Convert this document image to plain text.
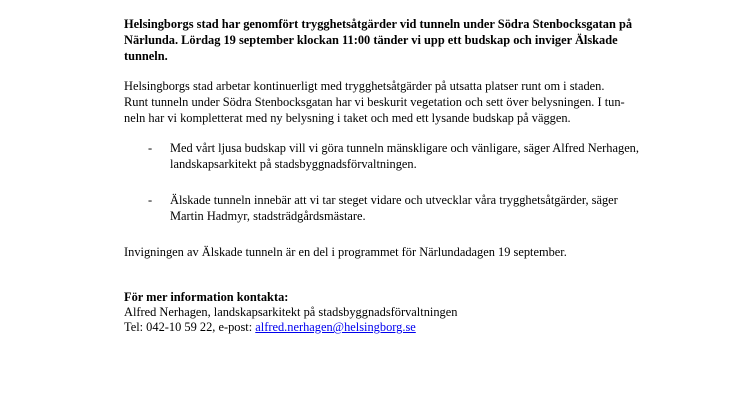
Helsingborgs stad har genomfört trygghetsåtgärder vid tunneln under Södra Stenbocksgatan på Närlunda. Lördag 19 september klockan 11:00 tänder vi upp ett budskap och inviger Älskade tunneln.

Helsingborgs stad arbetar kontinuerligt med trygghetsåtgärder på utsatta platser runt om i staden.

Runt tunneln under Södra Stenbocksgatan har vi beskurit vegetation och sett över belysningen. I tun-

neln har vi kompletterat med ny belysning i taket och med ett lysande budskap på väggen.

- Med vårt ljusa budskap vill vi göra tunneln mänskligare och vänligare, säger Alfred Nerhagen,

landskapsarkitekt på stadsbyggnadsförvaltningen.

- Älskade tunneln innebär att vi tar steget vidare och utvecklar våra trygghetsåtgärder, säger

Martin Hadmyr, stadsträdgårdsmästare.

Invigningen av Älskade tunneln är en del i programmet för Närlundadagen 19 september.

För mer information kontakta:

Alfred Nerhagen, landskapsarkitekt på stadsbyggnadsförvaltningen

Tel: 042-10 59 22, e-post: alfred.nerhagen@helsingborg.se
